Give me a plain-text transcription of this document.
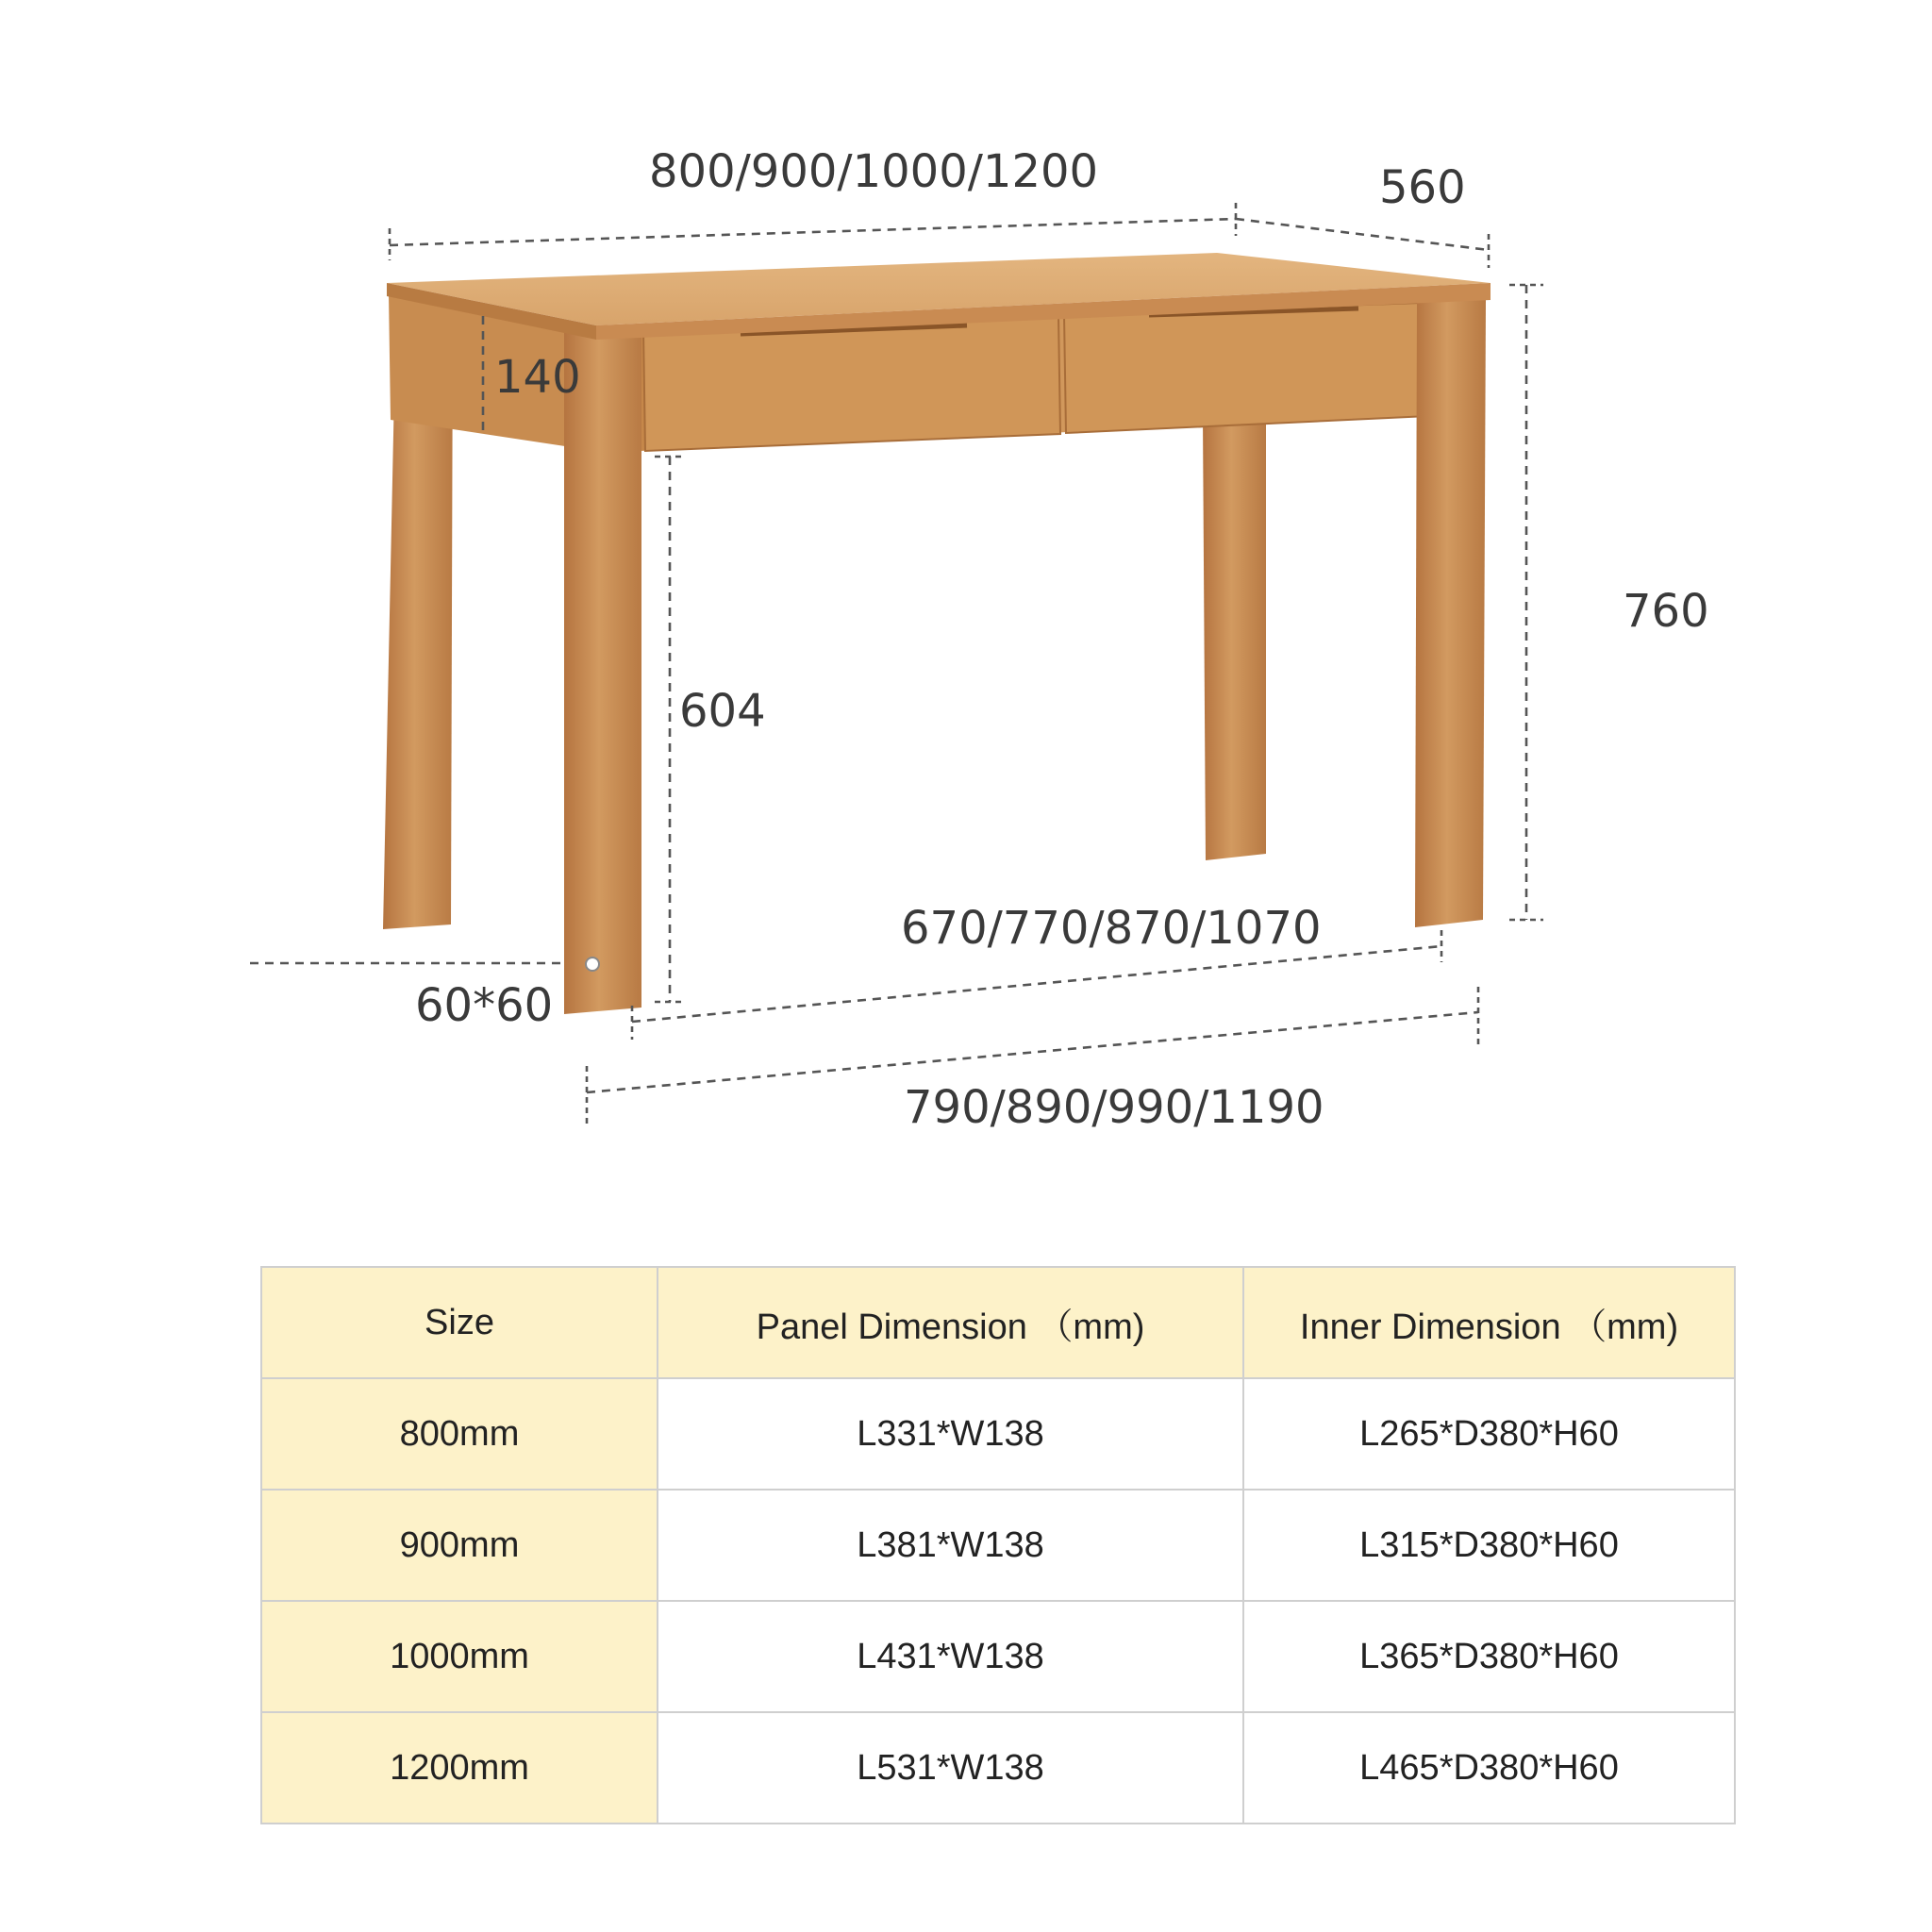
800/900/1000/1200	560
140
760
604
60*60
670/770/870/1070
790/890/990/1190
Size	Panel Dimension （mm)	Inner Dimension （mm)
800mm	L331*W138	L265*D380*H60
900mm	L381*W138	L315*D380*H60
1000mm	L431*W138	L365*D380*H60
1200mm	L531*W138	L465*D380*H60
